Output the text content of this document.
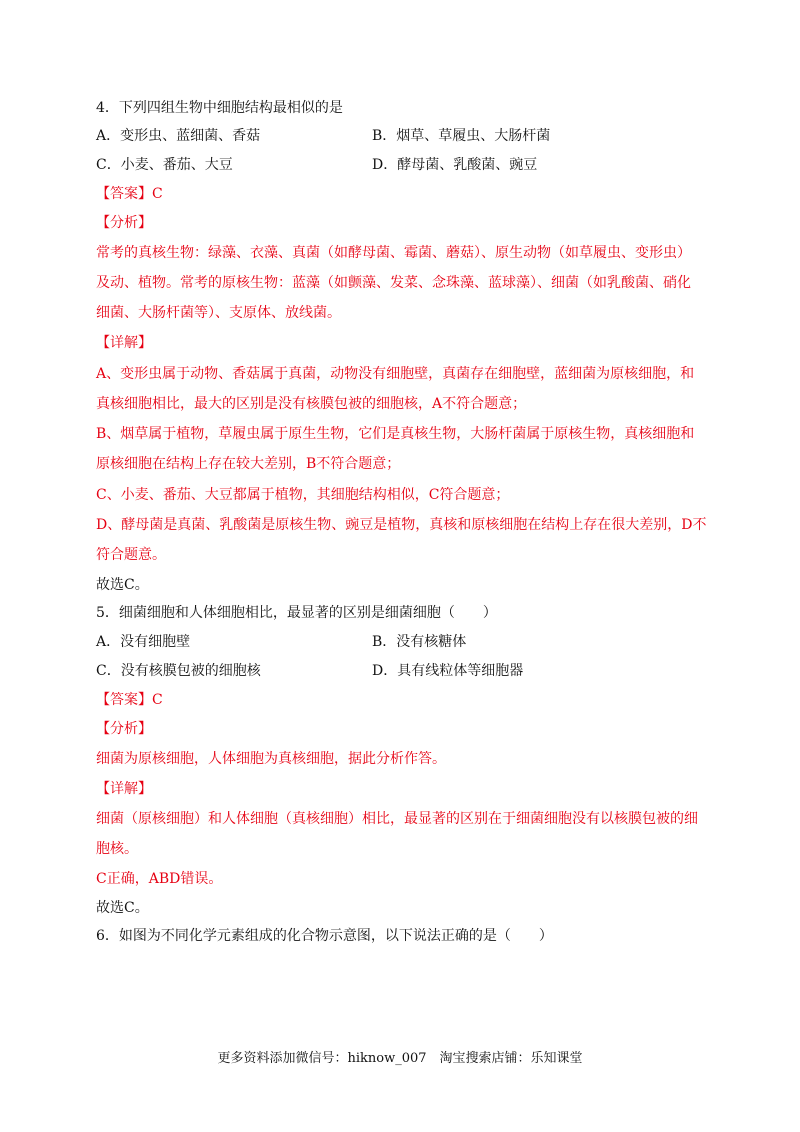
4．下列四组生物中细胞结构最相似的是
A．变形虫、蓝细菌、香菇	B．烟草、草履虫、大肠杆菌
C．小麦、番茄、大豆	D．酵母菌、乳酸菌、豌豆
【答案】C
【分析】
常考的真核生物：绿藻、衣藻、真菌（如酵母菌、霉菌、蘑菇）、原生动物（如草履虫、变形虫）
及动、植物。常考的原核生物：蓝藻（如颤藻、发菜、念珠藻、蓝球藻）、细菌（如乳酸菌、硝化
细菌、大肠杆菌等）、支原体、放线菌。
【详解】
A、变形虫属于动物、香菇属于真菌，动物没有细胞壁，真菌存在细胞壁，蓝细菌为原核细胞，和
真核细胞相比，最大的区别是没有核膜包被的细胞核，A不符合题意；
B、烟草属于植物，草履虫属于原生生物，它们是真核生物，大肠杆菌属于原核生物，真核细胞和
原核细胞在结构上存在较大差别，B不符合题意；
C、小麦、番茄、大豆都属于植物，其细胞结构相似，C符合题意；
D、酵母菌是真菌、乳酸菌是原核生物、豌豆是植物，真核和原核细胞在结构上存在很大差别，D不
符合题意。
故选C。
5．细菌细胞和人体细胞相比，最显著的区别是细菌细胞（　　）
A．没有细胞壁	B．没有核糖体
C．没有核膜包被的细胞核	D．具有线粒体等细胞器
【答案】C
【分析】
细菌为原核细胞，人体细胞为真核细胞，据此分析作答。
【详解】
细菌（原核细胞）和人体细胞（真核细胞）相比，最显著的区别在于细菌细胞没有以核膜包被的细
胞核。
C正确，ABD错误。
故选C。
6．如图为不同化学元素组成的化合物示意图，以下说法正确的是（　　）
更多资料添加微信号：hiknow_007　淘宝搜索店铺：乐知课堂
